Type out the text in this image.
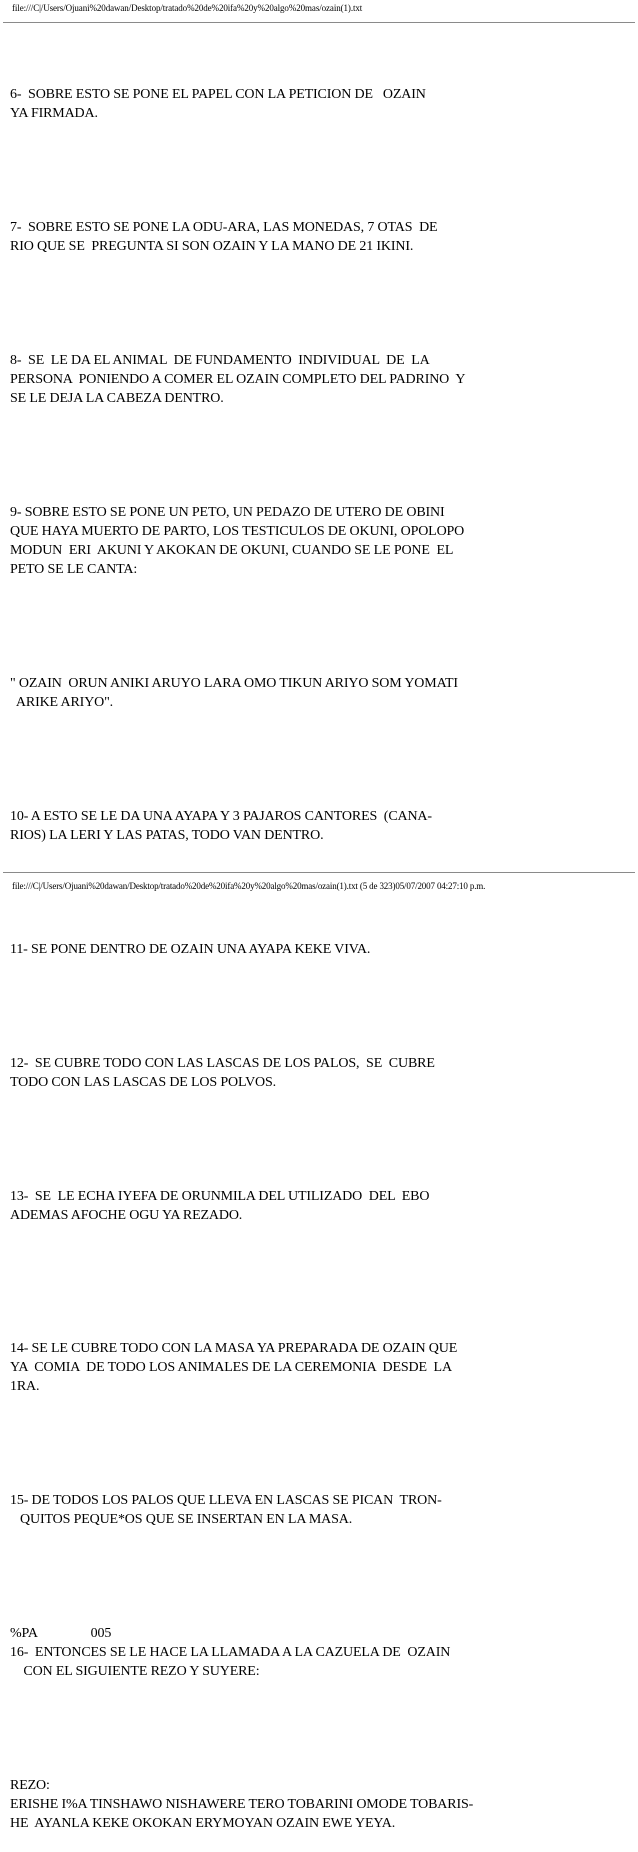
file:///C|/Users/Ojuani%20dawan/Desktop/tratado%20de%20ifa%20y%20algo%20mas/ozain(1).txt

6-  SOBRE ESTO SE PONE EL PAPEL CON LA PETICION DE   OZAIN
YA FIRMADA.

7-  SOBRE ESTO SE PONE LA ODU-ARA, LAS MONEDAS, 7 OTAS  DE
RIO QUE SE  PREGUNTA SI SON OZAIN Y LA MANO DE 21 IKINI.

8-  SE  LE DA EL ANIMAL  DE FUNDAMENTO  INDIVIDUAL  DE  LA
PERSONA  PONIENDO A COMER EL OZAIN COMPLETO DEL PADRINO  Y
SE LE DEJA LA CABEZA DENTRO.

9- SOBRE ESTO SE PONE UN PETO, UN PEDAZO DE UTERO DE OBINI
QUE HAYA MUERTO DE PARTO, LOS TESTICULOS DE OKUNI, OPOLOPO
MODUN  ERI  AKUNI Y AKOKAN DE OKUNI, CUANDO SE LE PONE  EL
PETO SE LE CANTA:

" OZAIN  ORUN ANIKI ARUYO LARA OMO TIKUN ARIYO SOM YOMATI
ARIKE ARIYO".

10- A ESTO SE LE DA UNA AYAPA Y 3 PAJAROS CANTORES  (CANA-
RIOS) LA LERI Y LAS PATAS, TODO VAN DENTRO.

11- SE PONE DENTRO DE OZAIN UNA AYAPA KEKE VIVA.

12-  SE CUBRE TODO CON LAS LASCAS DE LOS PALOS,  SE  CUBRE
TODO CON LAS LASCAS DE LOS POLVOS.

13-  SE  LE ECHA IYEFA DE ORUNMILA DEL UTILIZADO  DEL  EBO
ADEMAS AFOCHE OGU YA REZADO.

14- SE LE CUBRE TODO CON LA MASA YA PREPARADA DE OZAIN QUE
YA  COMIA  DE TODO LOS ANIMALES DE LA CEREMONIA  DESDE  LA
1RA.

15- DE TODOS LOS PALOS QUE LLEVA EN LASCAS SE PICAN  TRON-
QUITOS PEQUE*OS QUE SE INSERTAN EN LA MASA.

%PA                005
16-  ENTONCES SE LE HACE LA LLAMADA A LA CAZUELA DE  OZAIN
CON EL SIGUIENTE REZO Y SUYERE:

REZO:
ERISHE I%A TINSHAWO NISHAWERE TERO TOBARINI OMODE TOBARIS-
HE  AYANLA KEKE OKOKAN ERYMOYAN OZAIN EWE YEYA.

file:///C|/Users/Ojuani%20dawan/Desktop/tratado%20de%20ifa%20y%20algo%20mas/ozain(1).txt (5 de 323)05/07/2007 04:27:10 p.m.
